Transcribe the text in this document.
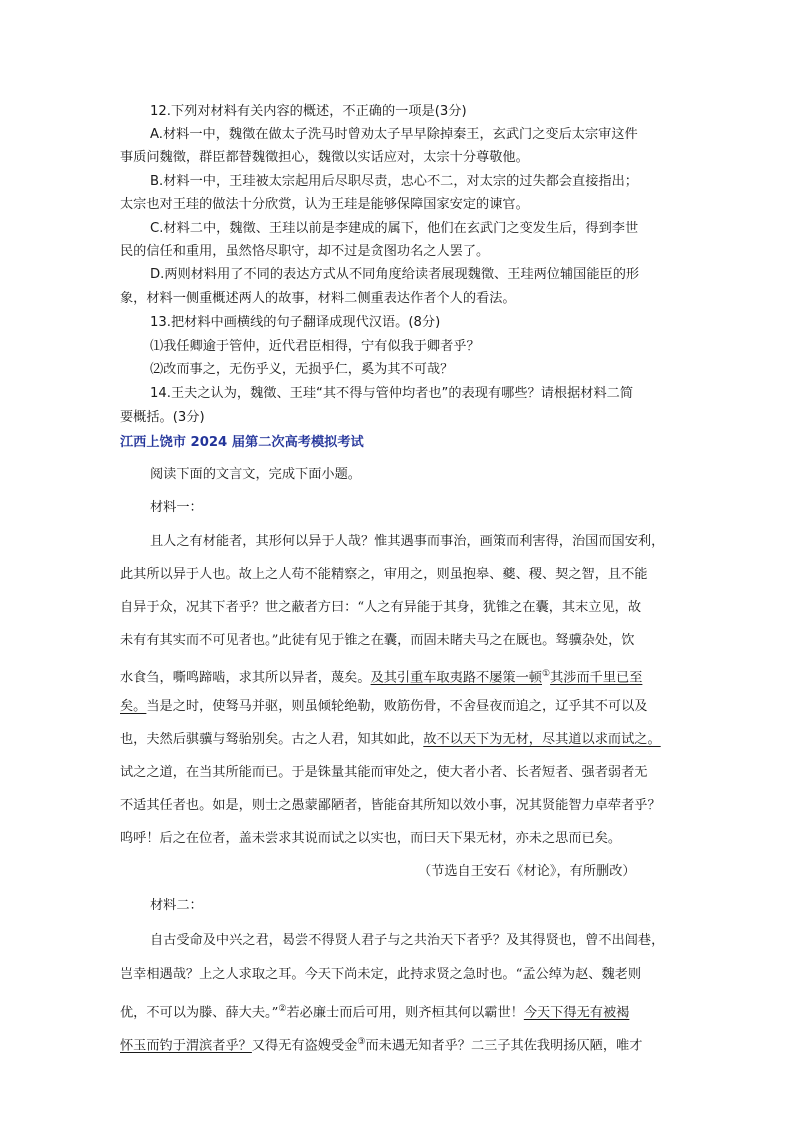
12.下列对材料有关内容的概述，不正确的一项是(3分)
A.材料一中，魏徵在做太子洗马时曾劝太子早早除掉秦王，玄武门之变后太宗审这件
事质问魏徵，群臣都替魏徵担心，魏徵以实话应对，太宗十分尊敬他。
B.材料一中，王珪被太宗起用后尽职尽责，忠心不二，对太宗的过失都会直接指出；
太宗也对王珪的做法十分欣赏，认为王珪是能够保障国家安定的谏官。
C.材料二中，魏徵、王珪以前是李建成的属下，他们在玄武门之变发生后，得到李世
民的信任和重用，虽然恪尽职守，却不过是贪图功名之人罢了。
D.两则材料用了不同的表达方式从不同角度给读者展现魏徵、王珪两位辅国能臣的形
象，材料一侧重概述两人的故事，材料二侧重表达作者个人的看法。
13.把材料中画横线的句子翻译成现代汉语。(8分)
⑴我任卿逾于管仲，近代君臣相得，宁有似我于卿者乎？
⑵改而事之，无伤乎义，无损乎仁，奚为其不可哉？
14.王夫之认为，魏徵、王珪“其不得与管仲均者也”的表现有哪些？请根据材料二简
要概括。(3分)
江西上饶市 2024 届第二次高考模拟考试
阅读下面的文言文，完成下面小题。
材料一：
且人之有材能者，其形何以异于人哉？惟其遇事而事治，画策而利害得，治国而国安利，
此其所以异于人也。故上之人苟不能精察之，审用之，则虽抱皋、夔、稷、契之智，且不能
自异于众，况其下者乎？世之蔽者方曰：“人之有异能于其身，犹锥之在囊，其末立见，故
未有有其实而不可见者也。”此徒有见于锥之在囊，而固未睹夫马之在厩也。驽骥杂处，饮
水食刍，嘶鸣蹄啮，求其所以异者，蔑矣。及其引重车取夷路不屡策一顿①其涉而千里已至
矣。当是之时，使驽马并驱，则虽倾轮绝勒，败筋伤骨，不舍昼夜而追之，辽乎其不可以及
也，夫然后骐骥与驽骀别矣。古之人君，知其如此，故不以天下为无材，尽其道以求而试之。
试之之道，在当其所能而已。于是铢量其能而审处之，使大者小者、长者短者、强者弱者无
不适其任者也。如是，则士之愚蒙鄙陋者，皆能奋其所知以效小事，况其贤能智力卓荦者乎？
呜呼！后之在位者，盖未尝求其说而试之以实也，而曰天下果无材，亦未之思而已矣。
（节选自王安石《材论》，有所删改）
材料二：
自古受命及中兴之君，曷尝不得贤人君子与之共治天下者乎？及其得贤也，曾不出闾巷，
岂幸相遇哉？上之人求取之耳。今天下尚未定，此持求贤之急时也。“孟公绰为赵、魏老则
优，不可以为滕、薛大夫。”②若必廉士而后可用，则齐桓其何以霸世！今天下得无有被褐
怀玉而钓于渭滨者乎？又得无有盗嫂受金③而未遇无知者乎？二三子其佐我明扬仄陋，唯才
